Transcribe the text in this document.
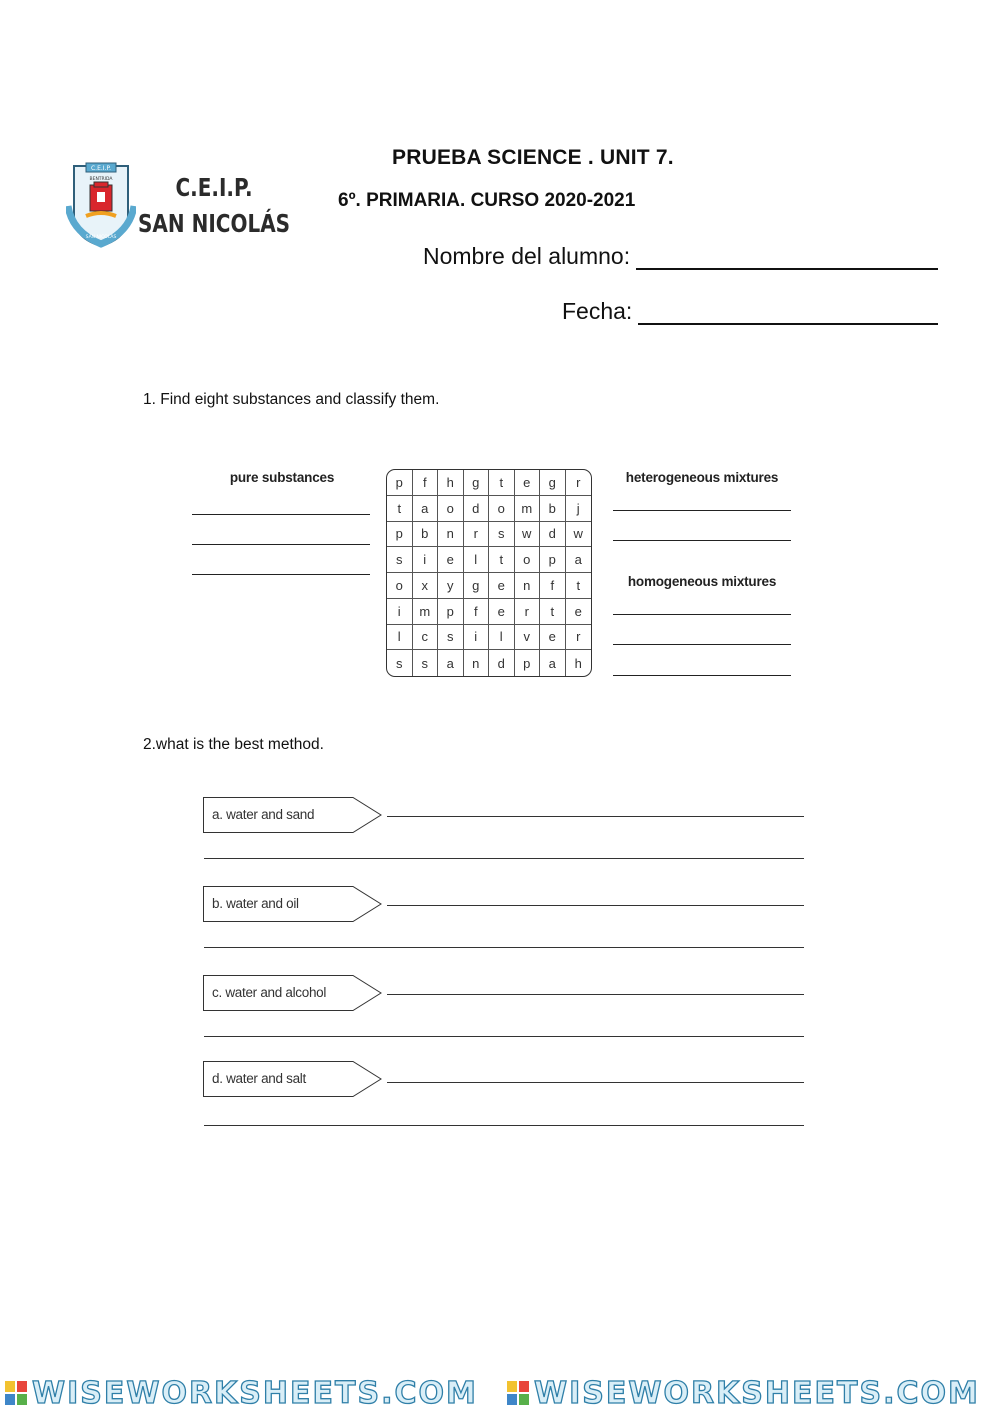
C.E.I.P.
BENTRIDA
SAN NICOLÁS
C.E.I.P.
SAN NICOLÁS
PRUEBA SCIENCE . UNIT 7.
6º. PRIMARIA. CURSO 2020-2021
Nombre del alumno:
Fecha:
1. Find eight substances and classify them.
pure substances	p	f	h	g	t	e	g	r
t	a	o	d	o	m	b	j
p	b	n	r	s	w	d	w
s	i	e	l	t	o	p	a
o	x	y	g	e	n	f	t
i	m	p	f	e	r	t	e
l	c	s	i	l	v	e	r
s	s	a	n	d	p	a	h
heterogeneous mixtures
homogeneous mixtures
2.what is the best method.
a. water and sand
b. water and oil
c. water and alcohol
d. water and salt
WISEWORKSHEETS.COM WISEWORKSHEETS.COM
